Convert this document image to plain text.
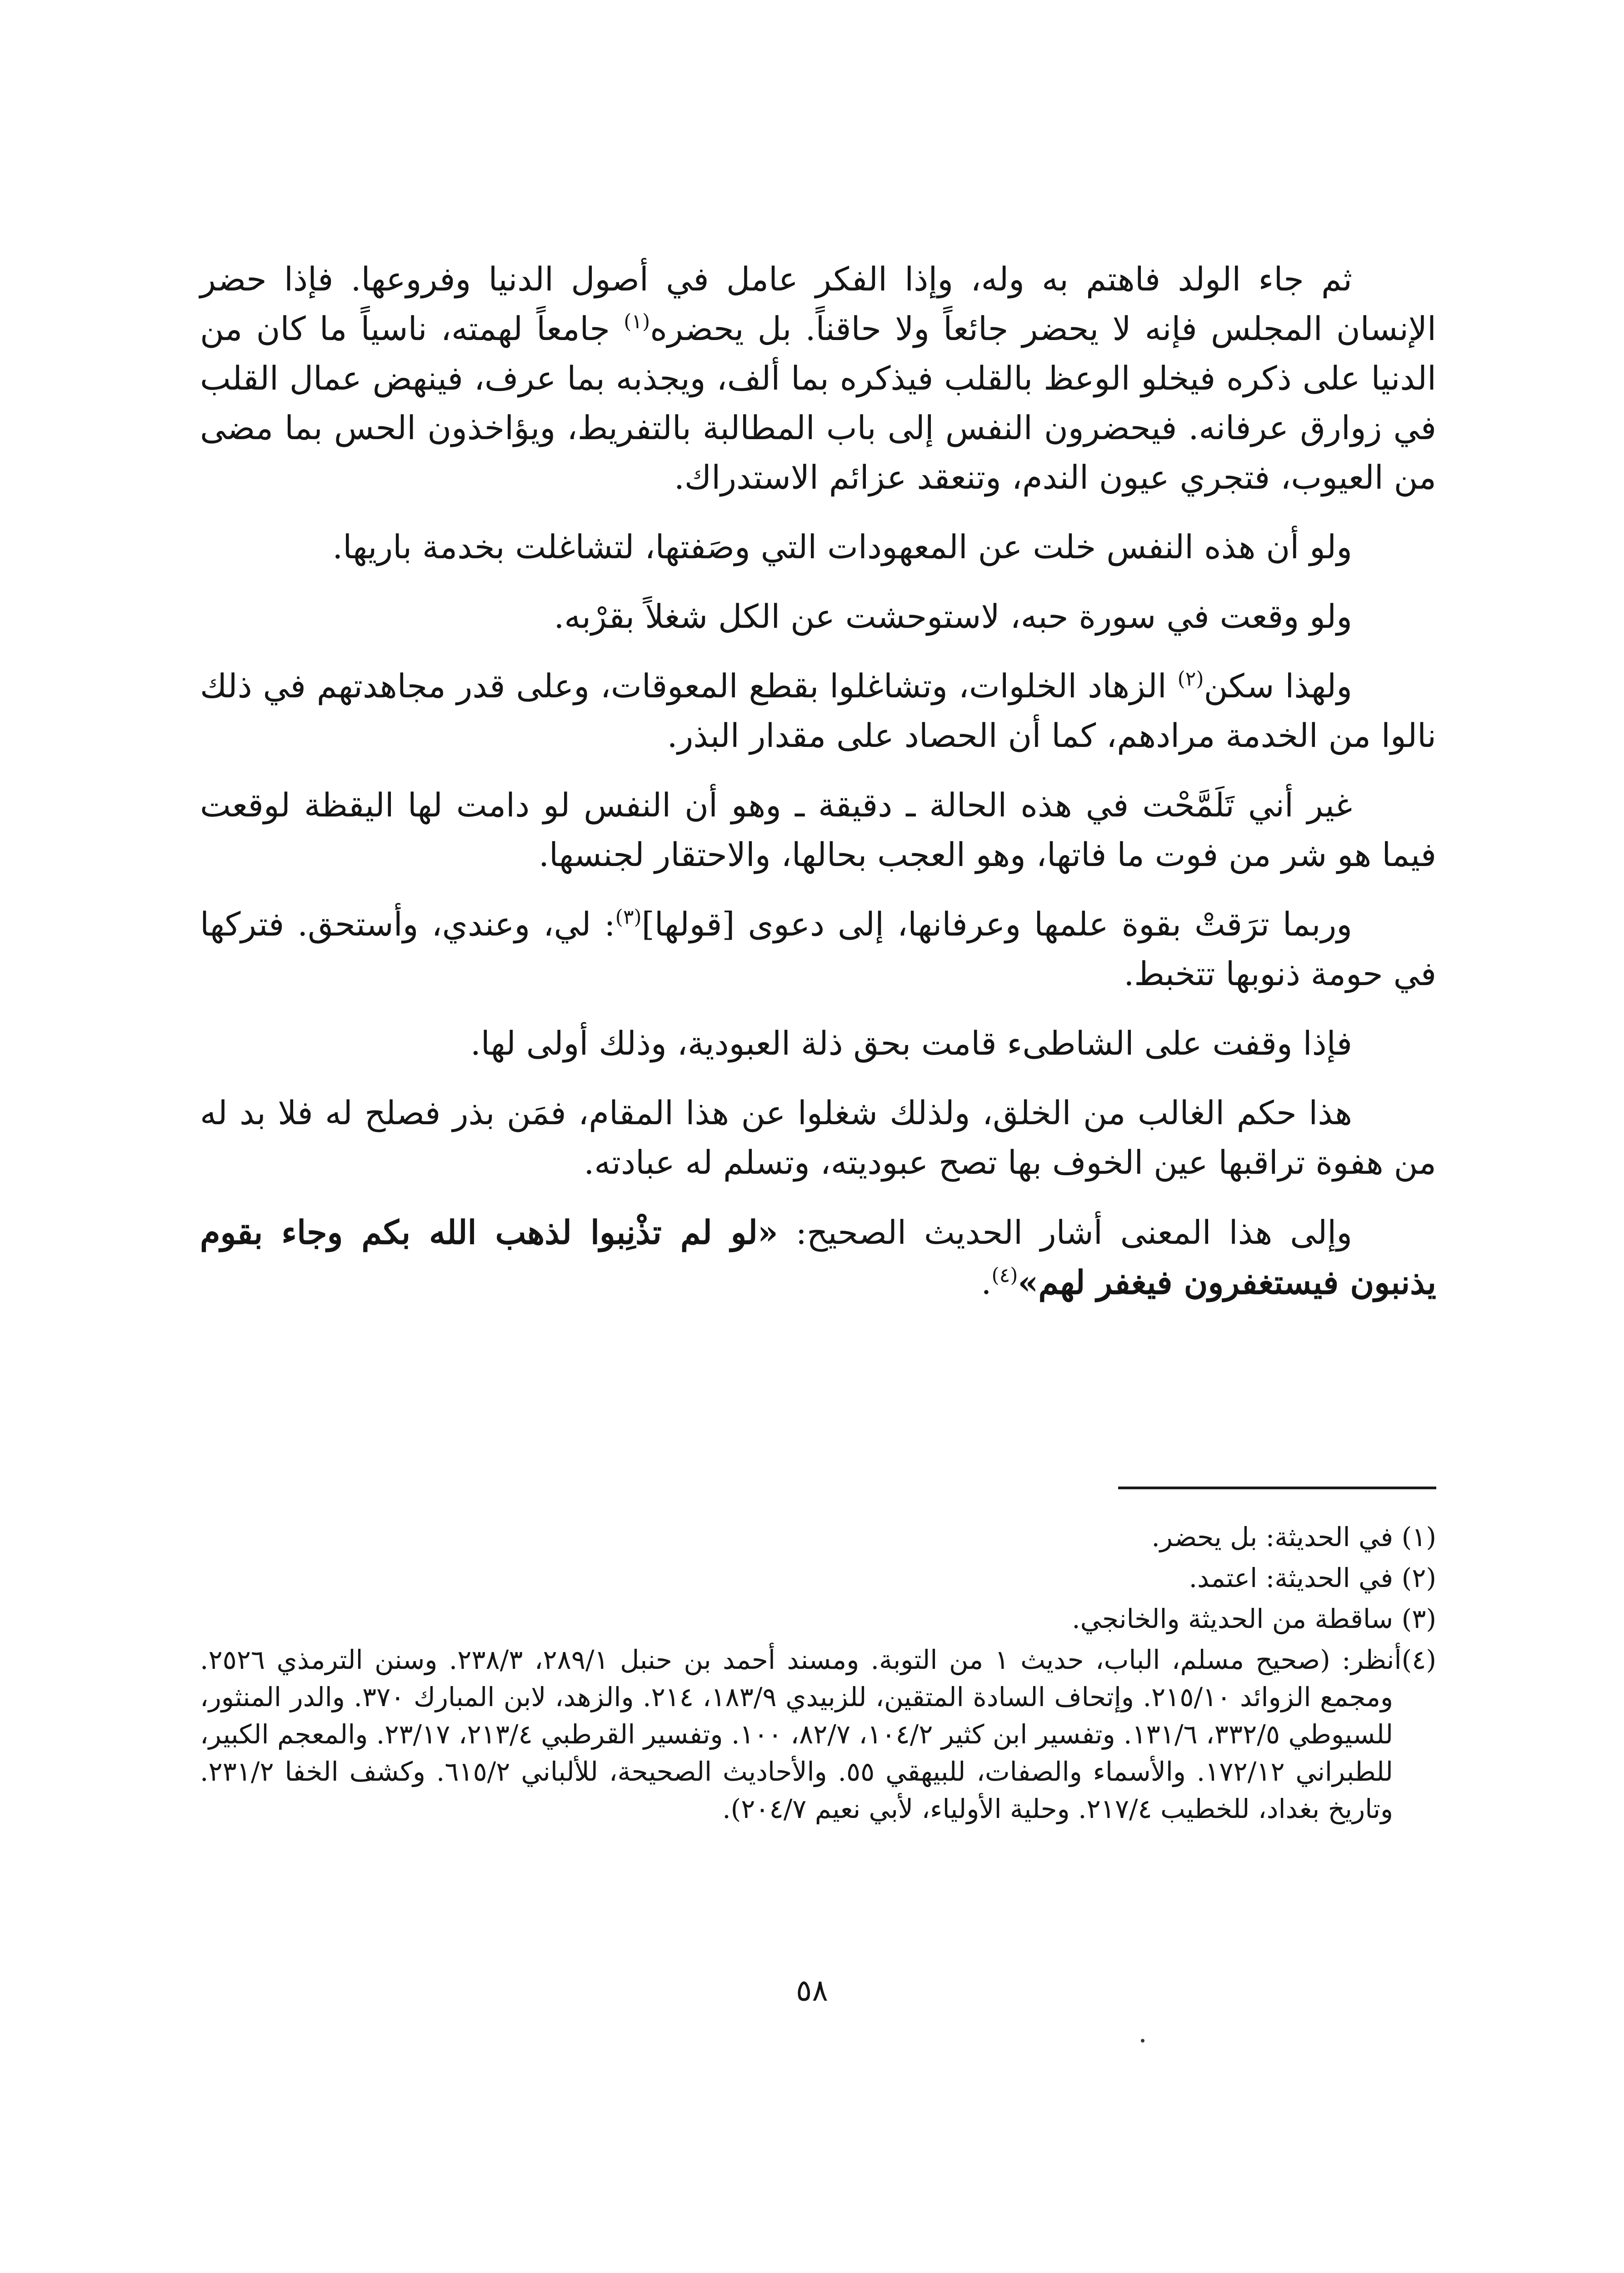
ثم جاء الولد فاهتم به وله، وإذا الفكر عامل في أصول الدنيا وفروعها. فإذا حضر الإنسان المجلس فإنه لا يحضر جائعاً ولا حاقناً. بل يحضره$^{(١)}$ جامعاً لهمته، ناسياً ما كان من الدنيا على ذكره فيخلو الوعظ بالقلب فيذكره بما ألف، ويجذبه بما عرف، فينهض عمال القلب في زوارق عرفانه. فيحضرون النفس إلى باب المطالبة بالتفريط، ويؤاخذون الحس بما مضى من العيوب، فتجري عيون الندم، وتنعقد عزائم الاستدراك.

ولو أن هذه النفس خلت عن المعهودات التي وصَفتها، لتشاغلت بخدمة باريها.

ولو وقعت في سورة حبه، لاستوحشت عن الكل شغلاً بقرْبه.

ولهذا سكن$^{(٢)}$ الزهاد الخلوات، وتشاغلوا بقطع المعوقات، وعلى قدر مجاهدتهم في ذلك نالوا من الخدمة مرادهم، كما أن الحصاد على مقدار البذر.

غير أني تَلَمَّحْت في هذه الحالة ـ دقيقة ـ وهو أن النفس لو دامت لها اليقظة لوقعت فيما هو شر من فوت ما فاتها، وهو العجب بحالها، والاحتقار لجنسها.

وربما ترَقتْ بقوة علمها وعرفانها، إلى دعوى [قولها]$^{(٣)}$: لي، وعندي، وأستحق. فتركها في حومة ذنوبها تتخبط.

فإذا وقفت على الشاطىء قامت بحق ذلة العبودية، وذلك أولى لها.

هذا حكم الغالب من الخلق، ولذلك شغلوا عن هذا المقام، فمَن بذر فصلح له فلا بد له من هفوة تراقبها عين الخوف بها تصح عبوديته، وتسلم له عبادته.

وإلى هذا المعنى أشار الحديث الصحيح: «لو لم تذْنِبوا لذهب الله بكم وجاء بقوم يذنبون فيستغفرون فيغفر لهم»$^{(٤)}$.

(١) في الحديثة: بل يحضر.

(٢) في الحديثة: اعتمد.

(٣) ساقطة من الحديثة والخانجي.

(٤)أنظر: (صحيح مسلم، الباب، حديث ١ من التوبة. ومسند أحمد بن حنبل ٢٨٩/١، ٢٣٨/٣. وسنن الترمذي ٢٥٢٦. ومجمع الزوائد ٢١٥/١٠. وإتحاف السادة المتقين، للزبيدي ١٨٣/٩، ٢١٤. والزهد، لابن المبارك ٣٧٠. والدر المنثور، للسيوطي ٣٣٢/٥، ١٣١/٦. وتفسير ابن كثير ١٠٤/٢، ٨٢/٧، ١٠٠. وتفسير القرطبي ٢١٣/٤، ٢٣/١٧. والمعجم الكبير، للطبراني ١٧٢/١٢. والأسماء والصفات، للبيهقي ٥٥. والأحاديث الصحيحة، للألباني ٦١٥/٢. وكشف الخفا ٢٣١/٢. وتاريخ بغداد، للخطيب ٢١٧/٤. وحلية الأولياء، لأبي نعيم ٢٠٤/٧).

٥٨
